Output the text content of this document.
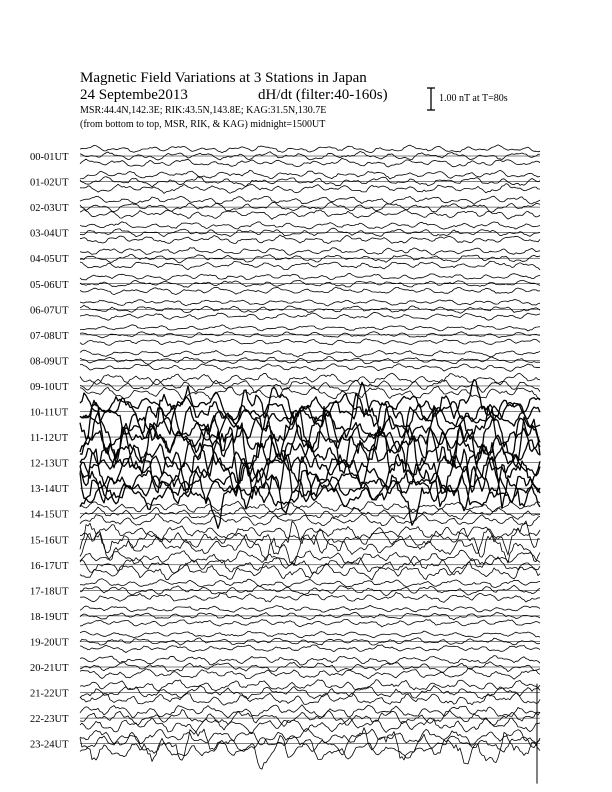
Magnetic Field Variations at 3 Stations in Japan
24 Septembe2013	dH/dt (filter:40-160s)
MSR:44.4N,142.3E; RIK:43.5N,143.8E; KAG:31.5N,130.7E
(from bottom to top, MSR, RIK, & KAG) midnight=1500UT
1.00 nT at T=80s
00-01UT
01-02UT
02-03UT
03-04UT
04-05UT
05-06UT
06-07UT
07-08UT
08-09UT
09-10UT
10-11UT
11-12UT
12-13UT
13-14UT
14-15UT
15-16UT
16-17UT
17-18UT
18-19UT
19-20UT
20-21UT
21-22UT
22-23UT
23-24UT
